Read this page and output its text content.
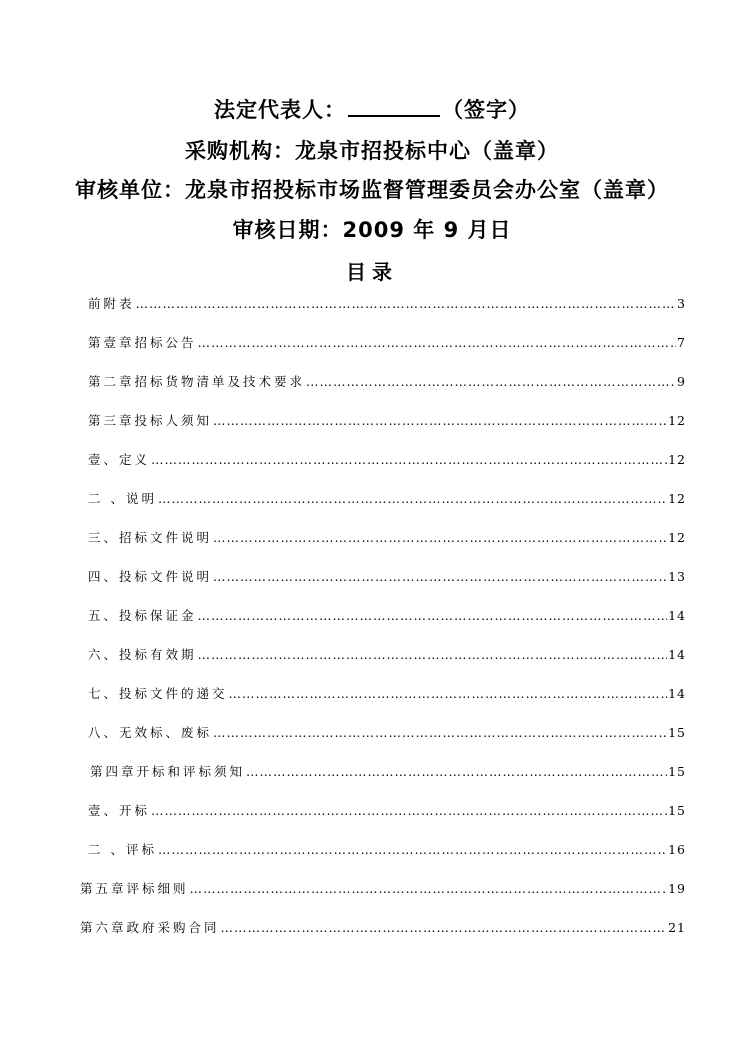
法定代表人：	（签字）
采购机构：龙泉市招投标中心（盖章）
审核单位：龙泉市招投标市场监督管理委员会办公室（盖章）
审核日期：2009 年 9 月日
目录
前附表 …………………………………………………………………………………………………………………………………………………………………………………………	3
第壹章招标公告 …………………………………………………………………………………………………………………………………………………………………………………………	7
第二章招标货物清单及技术要求 …………………………………………………………………………………………………………………………………………………………………………………………	9
第三章投标人须知 …………………………………………………………………………………………………………………………………………………………………………………………	12
壹、定义 …………………………………………………………………………………………………………………………………………………………………………………………	12
二 、说明 …………………………………………………………………………………………………………………………………………………………………………………………	12
三、招标文件说明 …………………………………………………………………………………………………………………………………………………………………………………………	12
四、投标文件说明 …………………………………………………………………………………………………………………………………………………………………………………………	13
五、投标保证金 …………………………………………………………………………………………………………………………………………………………………………………………	14
六、投标有效期 …………………………………………………………………………………………………………………………………………………………………………………………	14
七、投标文件的递交 …………………………………………………………………………………………………………………………………………………………………………………………	14
八、无效标、废标 …………………………………………………………………………………………………………………………………………………………………………………………	15
第四章开标和评标须知 …………………………………………………………………………………………………………………………………………………………………………………………	15
壹、开标 …………………………………………………………………………………………………………………………………………………………………………………………	15
二 、评标 …………………………………………………………………………………………………………………………………………………………………………………………	16
第五章评标细则 …………………………………………………………………………………………………………………………………………………………………………………………	19
第六章政府采购合同 …………………………………………………………………………………………………………………………………………………………………………………………	21
